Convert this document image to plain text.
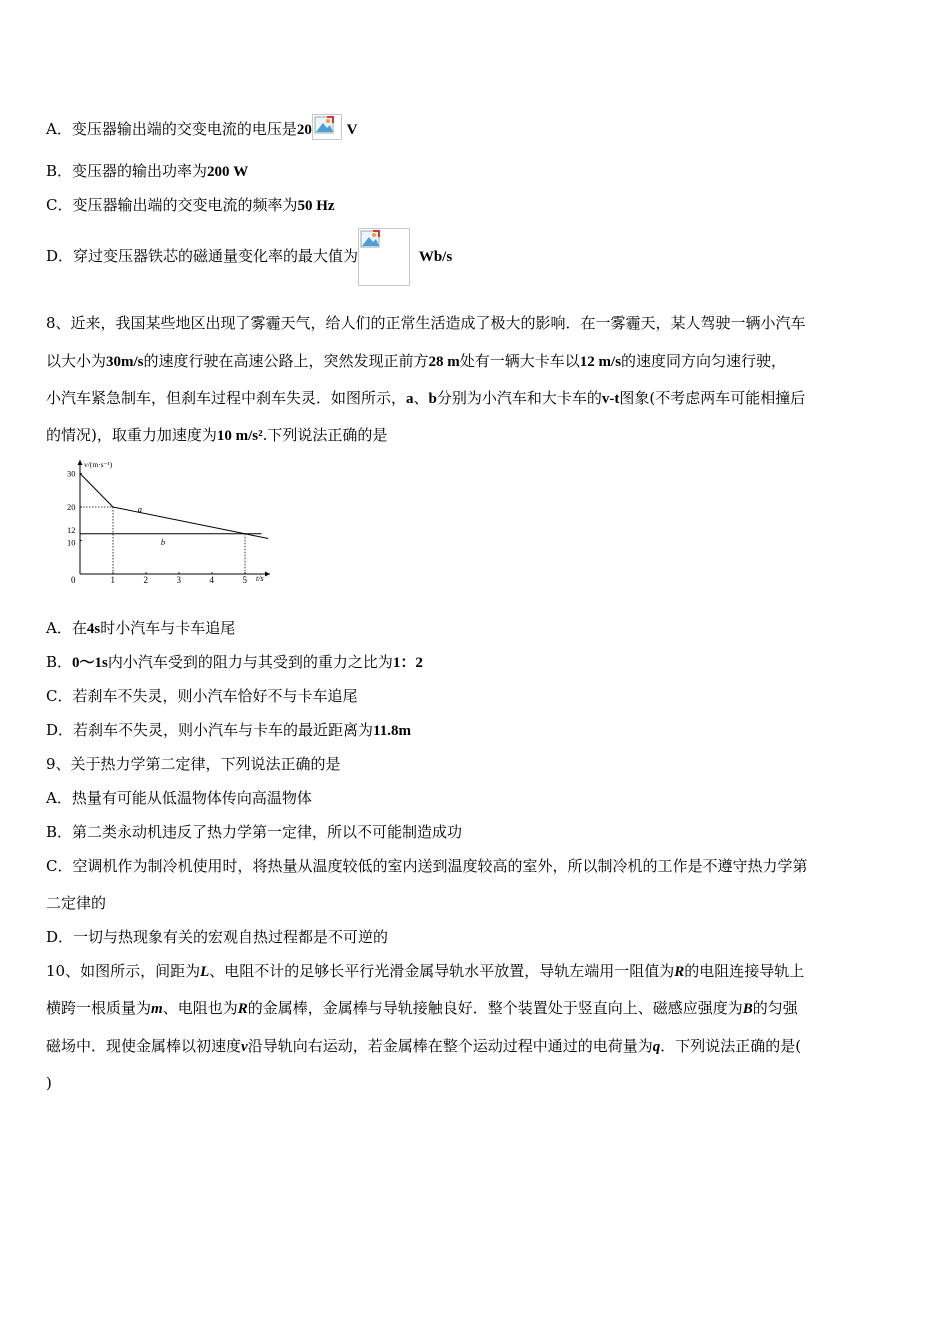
A．变压器输出端的交变电流的电压是20 V
B．变压器的输出功率为200 W
C．变压器输出端的交变电流的频率为50 Hz
D．穿过变压器铁芯的磁通量变化率的最大值为	Wb/s
8、近来，我国某些地区出现了雾霾天气，给人们的正常生活造成了极大的影响．在一雾霾天，某人驾驶一辆小汽车
以大小为30m/s的速度行驶在高速公路上，突然发现正前方28 m处有一辆大卡车以12 m/s的速度同方向匀速行驶，
小汽车紧急制车，但刹车过程中刹车失灵．如图所示，a、b分别为小汽车和大卡车的v-t图象(不考虑两车可能相撞后
的情况)，取重力加速度为10 m/s².下列说法正确的是
v/(m·s⁻¹)
t/s
0	1	2	3	4	5
10
12
20
30
a
b
A．在4s时小汽车与卡车追尾
B．0～1s内小汽车受到的阻力与其受到的重力之比为1：2
C．若刹车不失灵，则小汽车恰好不与卡车追尾
D．若刹车不失灵，则小汽车与卡车的最近距离为11.8m
9、关于热力学第二定律，下列说法正确的是
A．热量有可能从低温物体传向高温物体
B．第二类永动机违反了热力学第一定律，所以不可能制造成功
C．空调机作为制冷机使用时，将热量从温度较低的室内送到温度较高的室外，所以制冷机的工作是不遵守热力学第
二定律的
D．一切与热现象有关的宏观自热过程都是不可逆的
10、如图所示，间距为L、电阻不计的足够长平行光滑金属导轨水平放置，导轨左端用一阻值为R的电阻连接导轨上
横跨一根质量为m、电阻也为R的金属棒，金属棒与导轨接触良好．整个装置处于竖直向上、磁感应强度为B的匀强
磁场中．现使金属棒以初速度v沿导轨向右运动，若金属棒在整个运动过程中通过的电荷量为q．下列说法正确的是(
)
